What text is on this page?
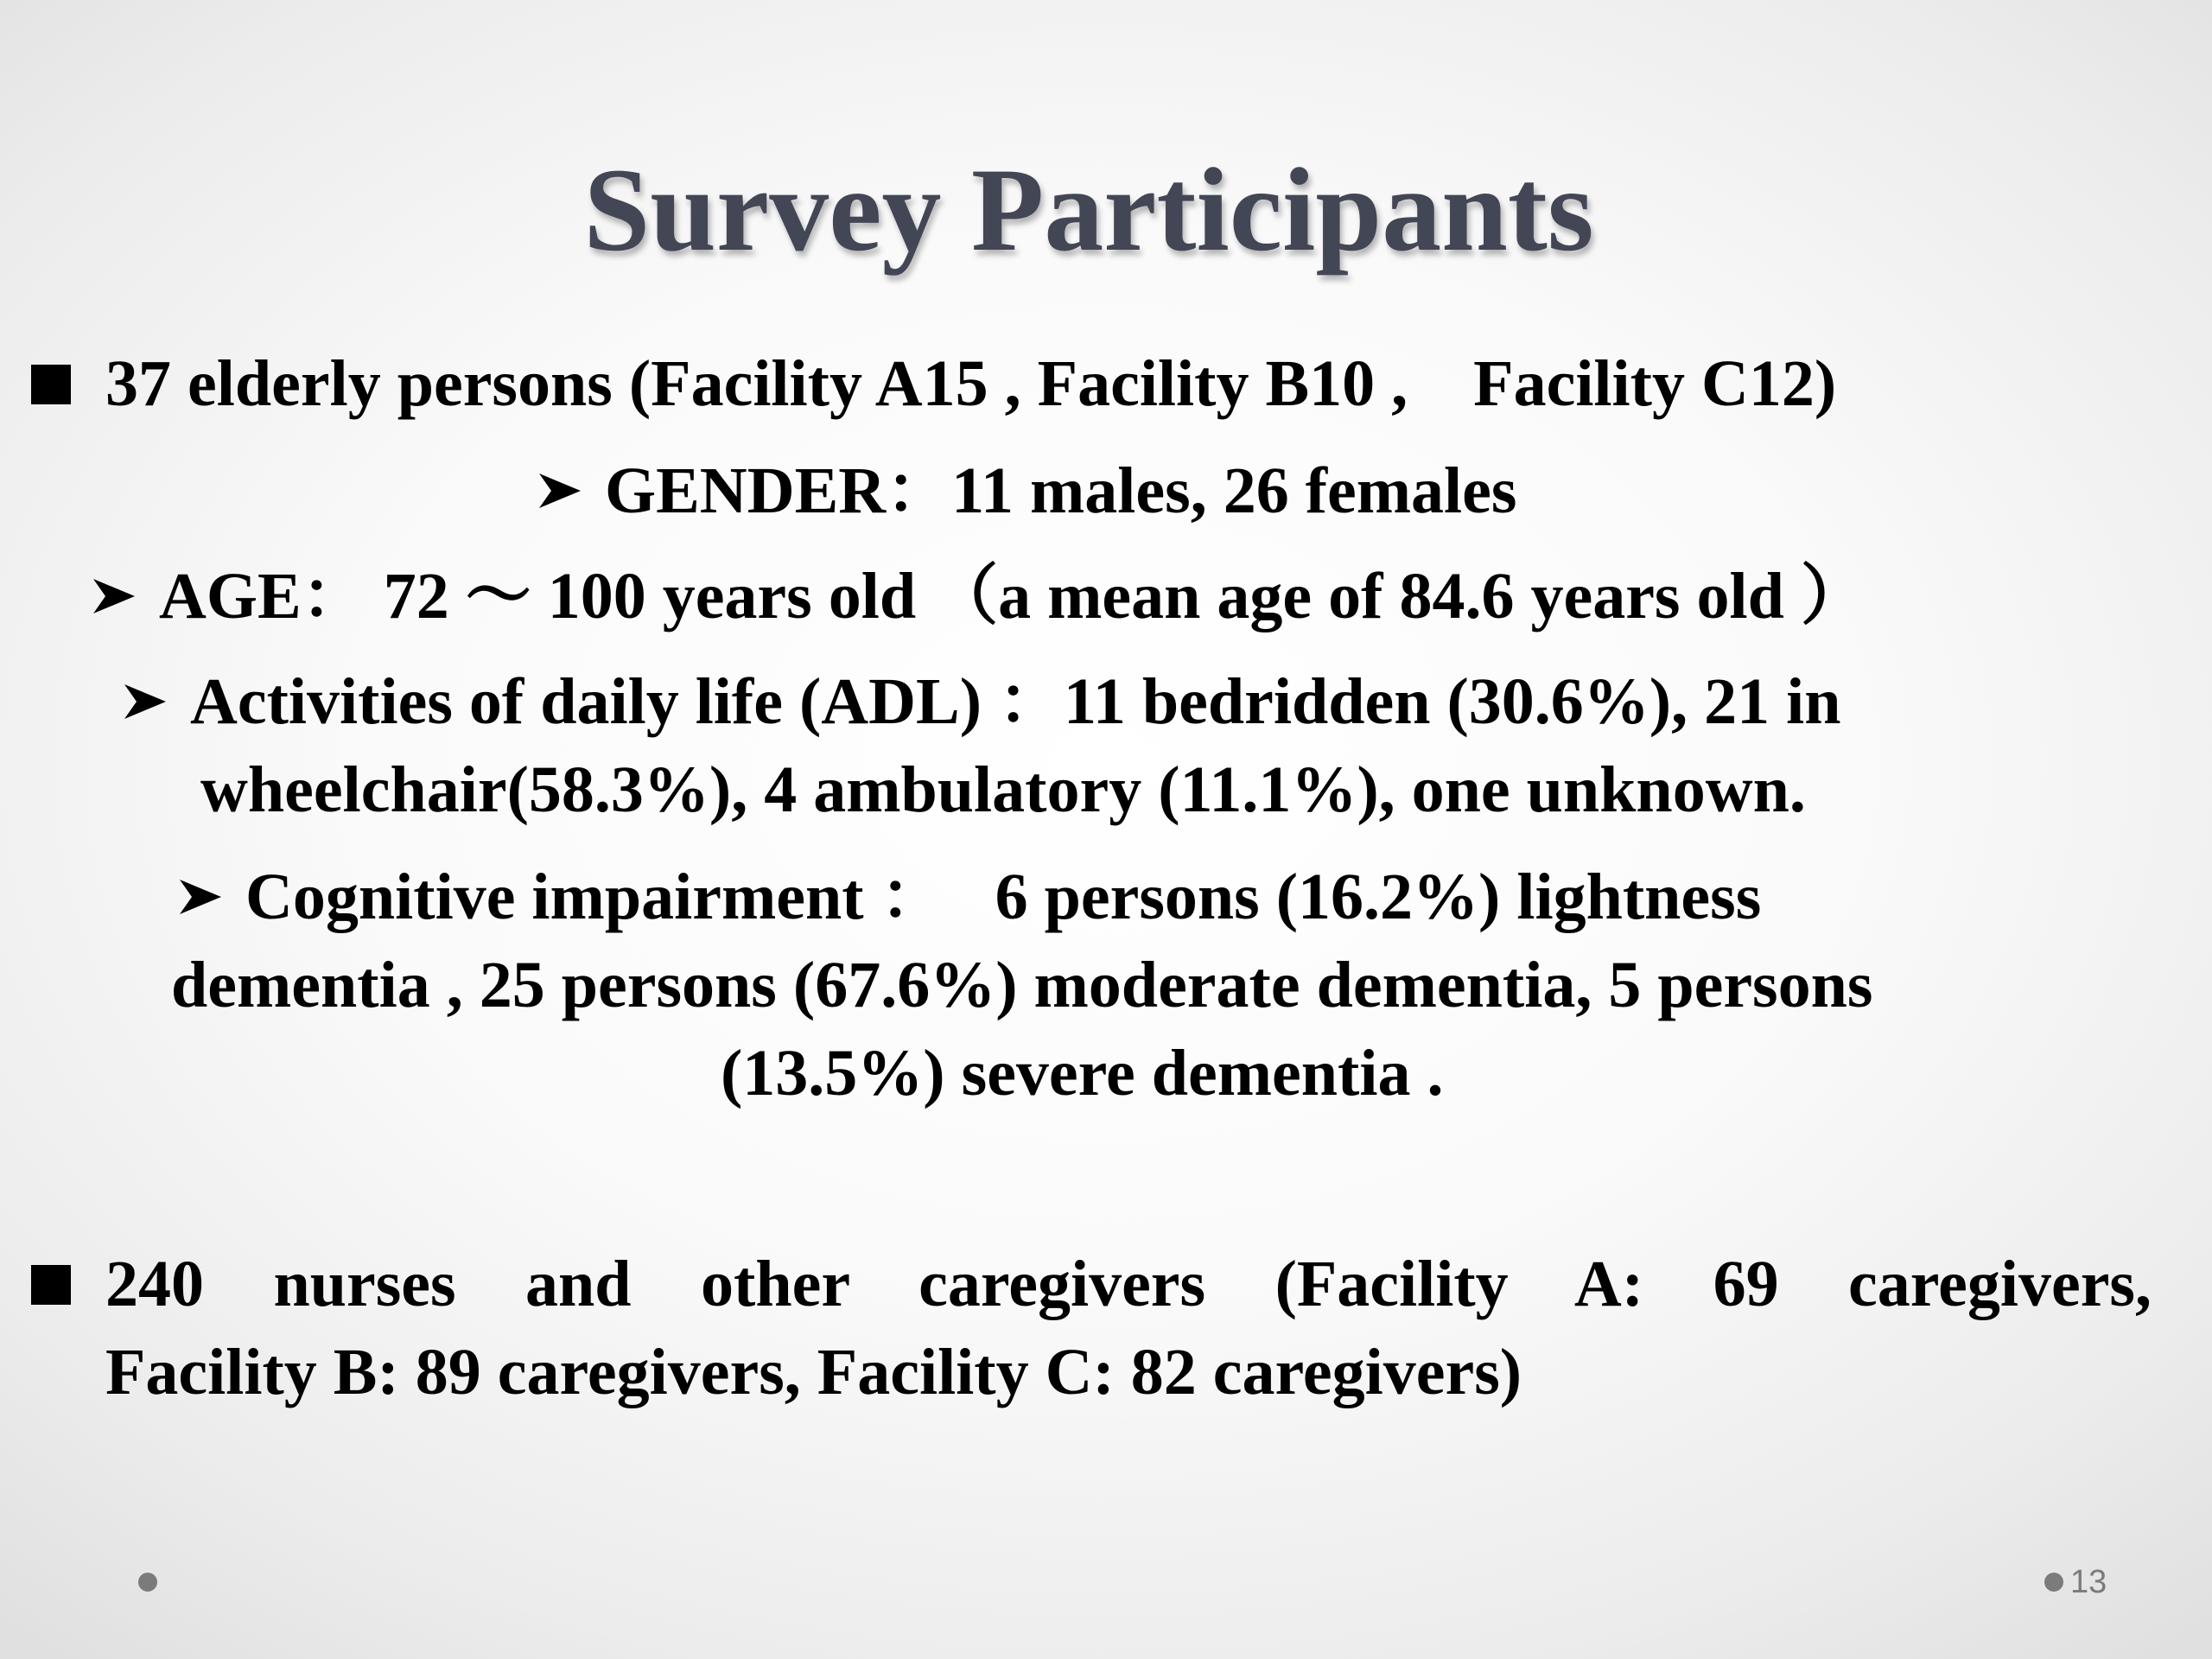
Survey Participants
37 elderly persons (Facility A15 , Facility B10 ,　Facility C12)
GENDER：11 males, 26 females
AGE： 72 ～ 100 years old （a mean age of 84.6 years old ）
Activities of daily life (ADL) ：11 bedridden (30.6%), 21 in
wheelchair(58.3%), 4 ambulatory (11.1%), one unknown.
Cognitive impairment ：　 6 persons (16.2%) lightness
dementia , 25 persons (67.6%) moderate dementia, 5 persons
(13.5%) severe dementia .
240 nurses and other caregivers (Facility A: 69 caregivers,
Facility B: 89 caregivers, Facility C: 82 caregivers)
13
